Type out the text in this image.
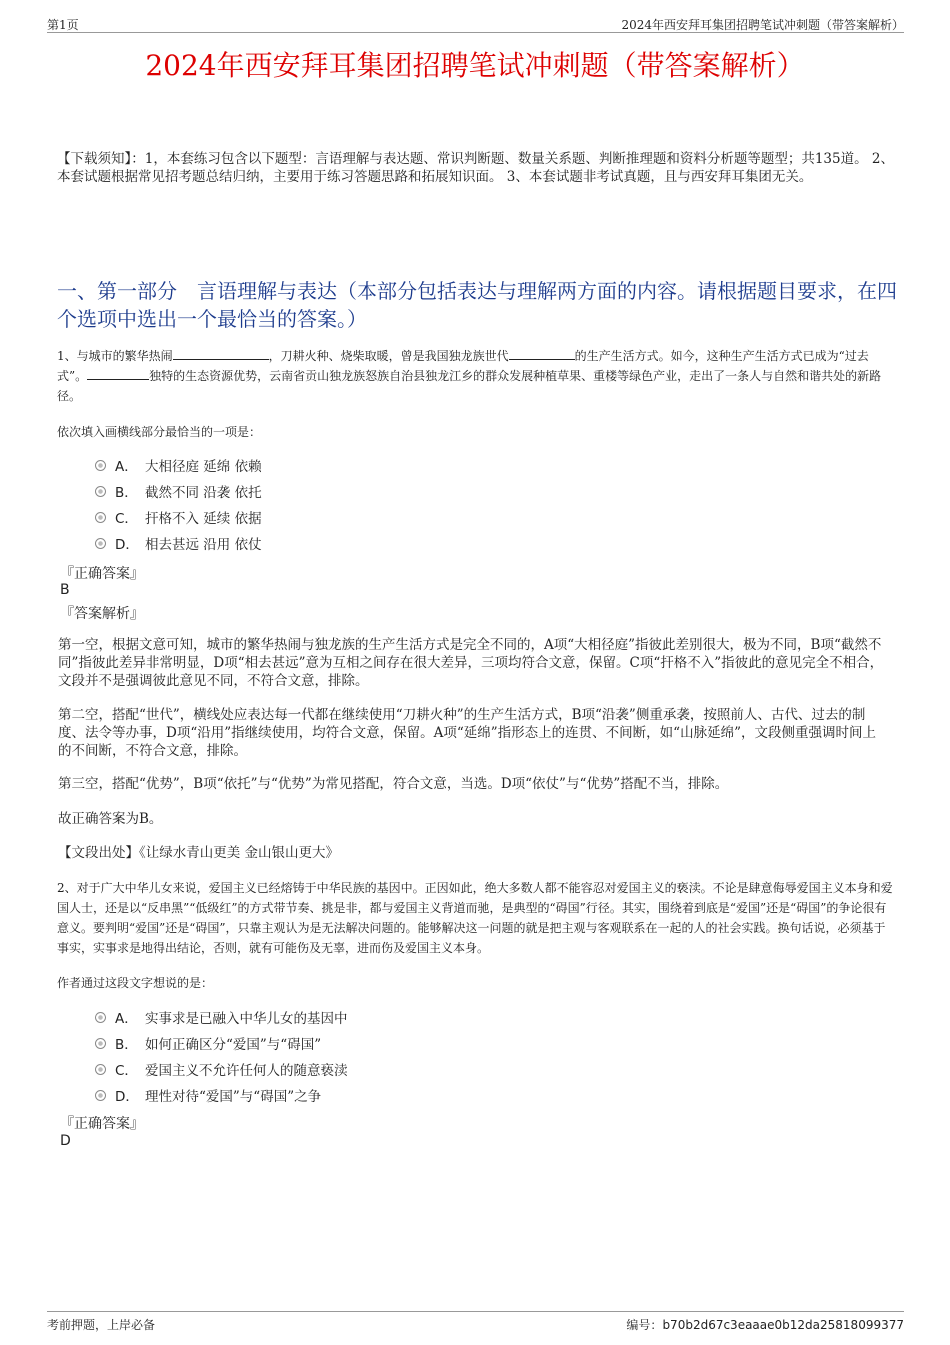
第1页	2024年西安拜耳集团招聘笔试冲刺题（带答案解析）
2024年西安拜耳集团招聘笔试冲刺题（带答案解析）
【下载须知】：1，本套练习包含以下题型：言语理解与表达题、常识判断题、数量关系题、判断推理题和资料分析题等题型；共135道。 2、本套试题根据常见招考题总结归纳，主要用于练习答题思路和拓展知识面。 3、本套试题非考试真题，且与西安拜耳集团无关。
一、第一部分　言语理解与表达（本部分包括表达与理解两方面的内容。请根据题目要求，在四个选项中选出一个最恰当的答案。）
1、与城市的繁华热闹	，刀耕火种、烧柴取暖，曾是我国独龙族世代	的生产生活方式。如今，这种生产生活方式已成为“过去式”。	独特的生态资源优势，云南省贡山独龙族怒族自治县独龙江乡的群众发展种植草果、重楼等绿色产业，走出了一条人与自然和谐共处的新路径。
依次填入画横线部分最恰当的一项是：
A． 大相径庭 延绵 依赖
B． 截然不同 沿袭 依托
C． 扞格不入 延续 依据
D． 相去甚远 沿用 依仗
『正确答案』
B
『答案解析』
第一空，根据文意可知，城市的繁华热闹与独龙族的生产生活方式是完全不同的，A项“大相径庭”指彼此差别很大，极为不同，B项“截然不同”指彼此差异非常明显，D项“相去甚远”意为互相之间存在很大差异，三项均符合文意，保留。C项“扞格不入”指彼此的意见完全不相合，文段并不是强调彼此意见不同，不符合文意，排除。
第二空，搭配“世代”，横线处应表达每一代都在继续使用“刀耕火种”的生产生活方式，B项“沿袭”侧重承袭，按照前人、古代、过去的制度、法令等办事，D项“沿用”指继续使用，均符合文意，保留。A项“延绵”指形态上的连贯、不间断，如“山脉延绵”，文段侧重强调时间上的不间断，不符合文意，排除。
第三空，搭配“优势”，B项“依托”与“优势”为常见搭配，符合文意，当选。D项“依仗”与“优势”搭配不当，排除。
故正确答案为B。
【文段出处】《让绿水青山更美 金山银山更大》
2、对于广大中华儿女来说，爱国主义已经熔铸于中华民族的基因中。正因如此，绝大多数人都不能容忍对爱国主义的亵渎。不论是肆意侮辱爱国主义本身和爱国人士，还是以“反串黑”“低级红”的方式带节奏、挑是非，都与爱国主义背道而驰，是典型的“碍国”行径。其实，围绕着到底是“爱国”还是“碍国”的争论很有意义。要判明“爱国”还是“碍国”，只靠主观认为是无法解决问题的。能够解决这一问题的就是把主观与客观联系在一起的人的社会实践。换句话说，必须基于事实，实事求是地得出结论，否则，就有可能伤及无辜，进而伤及爱国主义本身。
作者通过这段文字想说的是：
A． 实事求是已融入中华儿女的基因中
B． 如何正确区分“爱国”与“碍国”
C． 爱国主义不允许任何人的随意亵渎
D． 理性对待“爱国”与“碍国”之争
『正确答案』
D
考前押题，上岸必备	编号：b70b2d67c3eaaae0b12da25818099377
